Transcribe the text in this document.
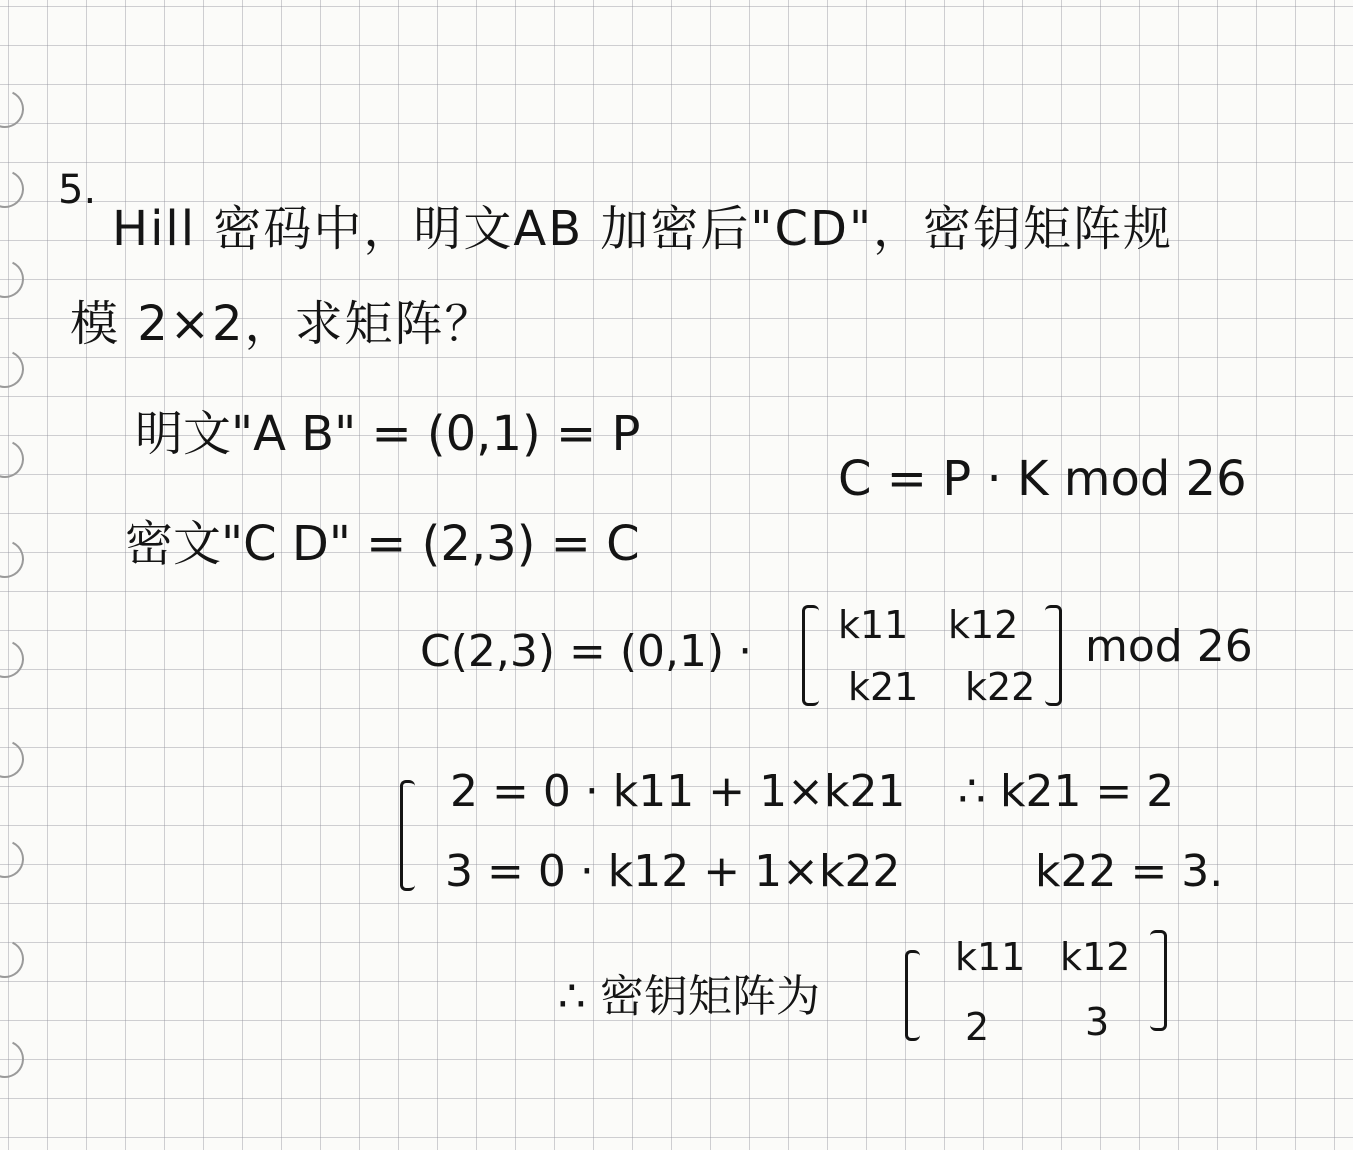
5.
Hill 密码中，明文AB 加密后"CD"，密钥矩阵规
模 2×2，求矩阵？
明文"A B" = (0,1) = P
C = P · K mod 26
密文"C D" = (2,3) = C
C(2,3) = (0,1) ·
k11 k12
k21 k22
mod 26
2 = 0 · k11 + 1×k21
3 = 0 · k12 + 1×k22
∴ k21 = 2
k22 = 3.
∴ 密钥矩阵为
k11 k12
2	3
